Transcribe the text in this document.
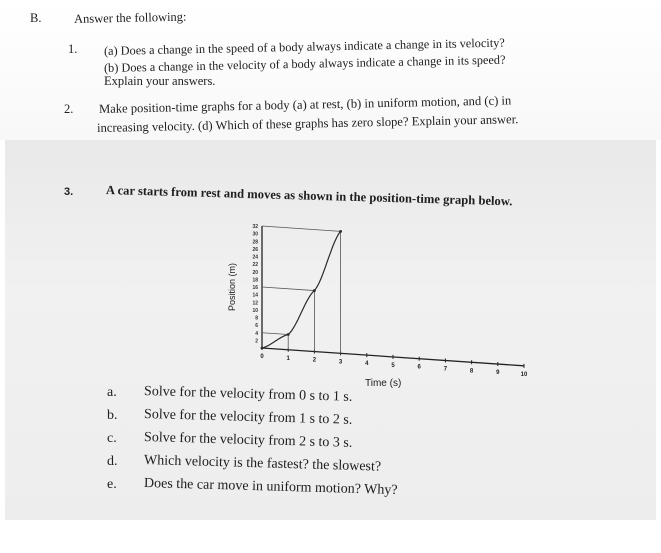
B.	Answer the following:
1. (a) Does a change in the speed of a body always indicate a change in its velocity?
(b) Does a change in the velocity of a body always indicate a change in its speed?
Explain your answers.
2. Make position-time graphs for a body (a) at rest, (b) in uniform motion, and (c) in
increasing velocity. (d) Which of these graphs has zero slope? Explain your answer.
3.	A car starts from rest and moves as shown in the position-time graph below.
2
4
6
8
10
12
14
16
18
20
22
24
26
28
30
32
0	1	2	3	4	5	6	7	8	9	10
Position (m)
Time (s)
a. Solve for the velocity from 0 s to 1 s.
b. Solve for the velocity from 1 s to 2 s.
c. Solve for the velocity from 2 s to 3 s.
d. Which velocity is the fastest? the slowest?
e. Does the car move in uniform motion? Why?
